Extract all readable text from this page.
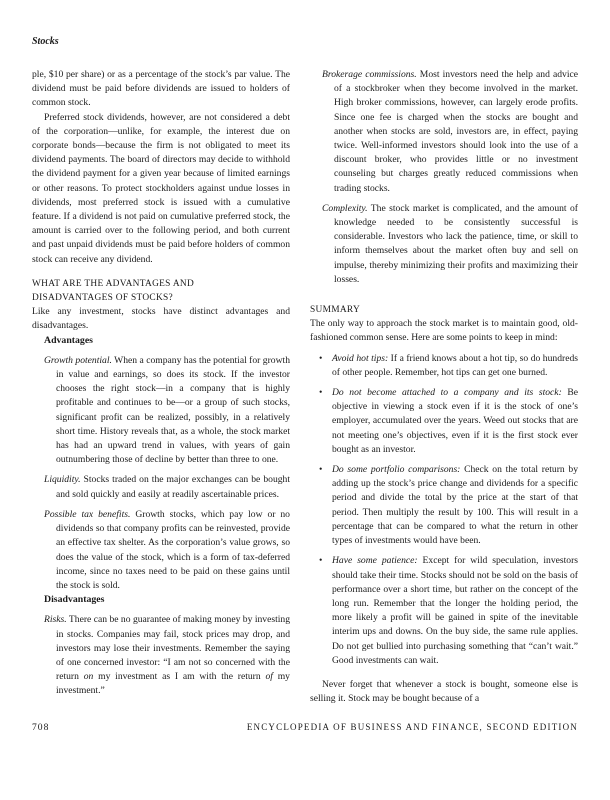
Stocks

ple, $10 per share) or as a percentage of the stock’s par value. The dividend must be paid before dividends are issued to holders of common stock.

Preferred stock dividends, however, are not considered a debt of the corporation—unlike, for example, the interest due on corporate bonds—because the firm is not obligated to meet its dividend payments. The board of directors may decide to withhold the dividend payment for a given year because of limited earnings or other reasons. To protect stockholders against undue losses in dividends, most preferred stock is issued with a cumulative feature. If a dividend is not paid on cumulative preferred stock, the amount is carried over to the following period, and both current and past unpaid dividends must be paid before holders of common stock can receive any dividend.

WHAT ARE THE ADVANTAGES AND
DISADVANTAGES OF STOCKS?

Like any investment, stocks have distinct advantages and disadvantages.

Advantages

Growth potential. When a company has the potential for growth in value and earnings, so does its stock. If the investor chooses the right stock—in a company that is highly profitable and continues to be—or a group of such stocks, significant profit can be realized, possibly, in a relatively short time. History reveals that, as a whole, the stock market has had an upward trend in values, with years of gain outnumbering those of decline by better than three to one.

Liquidity. Stocks traded on the major exchanges can be bought and sold quickly and easily at readily ascertainable prices.

Possible tax benefits. Growth stocks, which pay low or no dividends so that company profits can be reinvested, provide an effective tax shelter. As the corporation’s value grows, so does the value of the stock, which is a form of tax-deferred income, since no taxes need to be paid on these gains until the stock is sold.

Disadvantages

Risks. There can be no guarantee of making money by investing in stocks. Companies may fail, stock prices may drop, and investors may lose their investments. Remember the saying of one concerned investor: “I am not so concerned with the return on my investment as I am with the return of my investment.”

Brokerage commissions. Most investors need the help and advice of a stockbroker when they become involved in the market. High broker commissions, however, can largely erode profits. Since one fee is charged when the stocks are bought and another when stocks are sold, investors are, in effect, paying twice. Well-informed investors should look into the use of a discount broker, who provides little or no investment counseling but charges greatly reduced commissions when trading stocks.

Complexity. The stock market is complicated, and the amount of knowledge needed to be consistently successful is considerable. Investors who lack the patience, time, or skill to inform themselves about the market often buy and sell on impulse, thereby minimizing their profits and maximizing their losses.

SUMMARY

The only way to approach the stock market is to maintain good, old-fashioned common sense. Here are some points to keep in mind:

• Avoid hot tips: If a friend knows about a hot tip, so do hundreds of other people. Remember, hot tips can get one burned.
• Do not become attached to a company and its stock: Be objective in viewing a stock even if it is the stock of one’s employer, accumulated over the years. Weed out stocks that are not meeting one’s objectives, even if it is the first stock ever bought as an investor.
• Do some portfolio comparisons: Check on the total return by adding up the stock’s price change and dividends for a specific period and divide the total by the price at the start of that period. Then multiply the result by 100. This will result in a percentage that can be compared to what the return in other types of investments would have been.
• Have some patience: Except for wild speculation, investors should take their time. Stocks should not be sold on the basis of performance over a short time, but rather on the concept of the long run. Remember that the longer the holding period, the more likely a profit will be gained in spite of the inevitable interim ups and downs. On the buy side, the same rule applies. Do not get bullied into purchasing something that “can’t wait.” Good investments can wait.

Never forget that whenever a stock is bought, someone else is selling it. Stock may be bought because of a

708	ENCYCLOPEDIA OF BUSINESS AND FINANCE, SECOND EDITION
